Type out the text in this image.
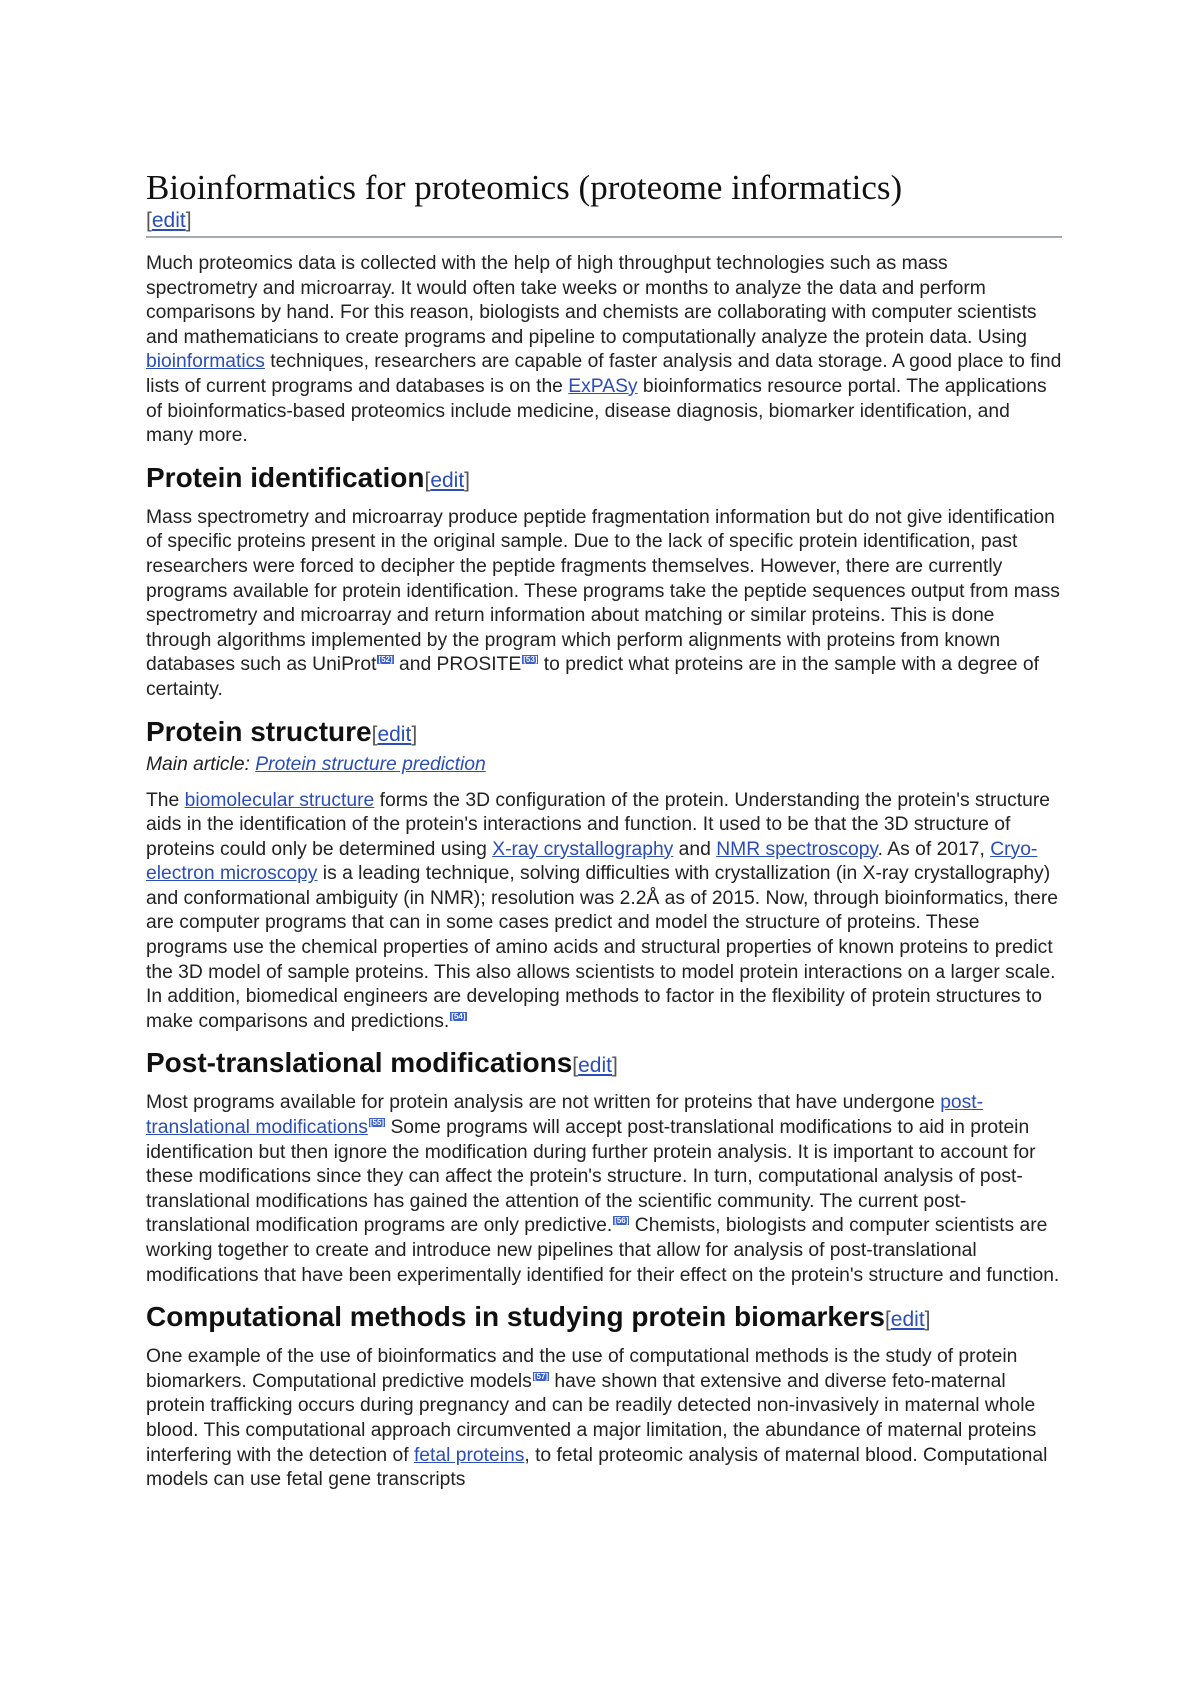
Bioinformatics for proteomics (proteome informatics)
[edit]

Much proteomics data is collected with the help of high throughput technologies such as mass spectrometry and microarray. It would often take weeks or months to analyze the data and perform comparisons by hand. For this reason, biologists and chemists are collaborating with computer scientists and mathematicians to create programs and pipeline to computationally analyze the protein data. Using bioinformatics techniques, researchers are capable of faster analysis and data storage. A good place to find lists of current programs and databases is on the ExPASy bioinformatics resource portal. The applications of bioinformatics-based proteomics include medicine, disease diagnosis, biomarker identification, and many more.

Protein identification[edit]

Mass spectrometry and microarray produce peptide fragmentation information but do not give identification of specific proteins present in the original sample. Due to the lack of specific protein identification, past researchers were forced to decipher the peptide fragments themselves. However, there are currently programs available for protein identification. These programs take the peptide sequences output from mass spectrometry and microarray and return information about matching or similar proteins. This is done through algorithms implemented by the program which perform alignments with proteins from known databases such as UniProt [52] and PROSITE [53] to predict what proteins are in the sample with a degree of certainty.

Protein structure[edit]
Main article: Protein structure prediction

The biomolecular structure forms the 3D configuration of the protein. Understanding the protein's structure aids in the identification of the protein's interactions and function. It used to be that the 3D structure of proteins could only be determined using X-ray crystallography and NMR spectroscopy. As of 2017, Cryo-electron microscopy is a leading technique, solving difficulties with crystallization (in X-ray crystallography) and conformational ambiguity (in NMR); resolution was 2.2Å as of 2015. Now, through bioinformatics, there are computer programs that can in some cases predict and model the structure of proteins. These programs use the chemical properties of amino acids and structural properties of known proteins to predict the 3D model of sample proteins. This also allows scientists to model protein interactions on a larger scale. In addition, biomedical engineers are developing methods to factor in the flexibility of protein structures to make comparisons and predictions. [54]

Post-translational modifications[edit]

Most programs available for protein analysis are not written for proteins that have undergone post-translational modifications [55] Some programs will accept post-translational modifications to aid in protein identification but then ignore the modification during further protein analysis. It is important to account for these modifications since they can affect the protein's structure. In turn, computational analysis of post-translational modifications has gained the attention of the scientific community. The current post-translational modification programs are only predictive. [56] Chemists, biologists and computer scientists are working together to create and introduce new pipelines that allow for analysis of post-translational modifications that have been experimentally identified for their effect on the protein's structure and function.

Computational methods in studying protein biomarkers[edit]

One example of the use of bioinformatics and the use of computational methods is the study of protein biomarkers. Computational predictive models [57] have shown that extensive and diverse feto-maternal protein trafficking occurs during pregnancy and can be readily detected non-invasively in maternal whole blood. This computational approach circumvented a major limitation, the abundance of maternal proteins interfering with the detection of fetal proteins, to fetal proteomic analysis of maternal blood. Computational models can use fetal gene transcripts
